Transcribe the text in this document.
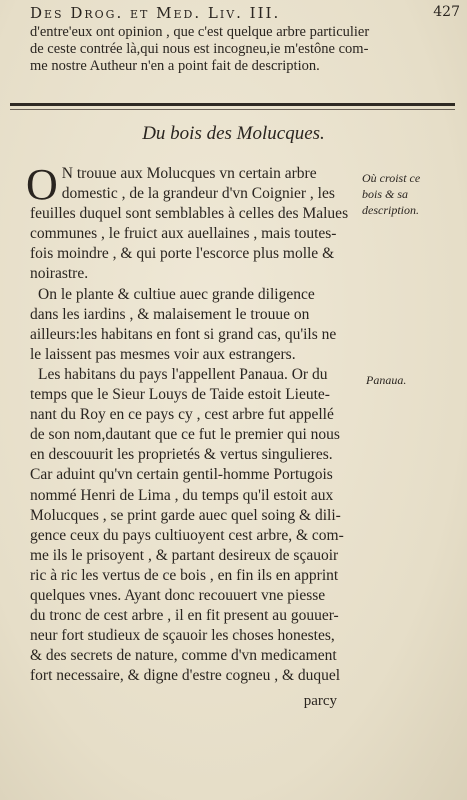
Des Drog. et Med. Liv. III.	427
d'entre'eux ont opinion , que c'est quelque arbre particulier
de ceste contrée là,qui nous est incogneu,ie m'estône com-
me nostre Autheur n'en a point fait de description.
Du bois des Molucques.
O N trouue aux Molucques vn certain arbre
domestic , de la grandeur d'vn Coignier , les
feuilles duquel sont semblables à celles des Malues
communes , le fruict aux auellaines , mais toutes-
fois moindre , & qui porte l'escorce plus molle &
noirastre.
On le plante & cultiue auec grande diligence
dans les iardins , & malaisement le trouue on
ailleurs:les habitans en font si grand cas, qu'ils ne
le laissent pas mesmes voir aux estrangers.
Les habitans du pays l'appellent Panaua. Or du
temps que le Sieur Louys de Taide estoit Lieute-
nant du Roy en ce pays cy , cest arbre fut appellé
de son nom,dautant que ce fut le premier qui nous
en descouurit les proprietés & vertus singulieres.
Car aduint qu'vn certain gentil-homme Portugois
nommé Henri de Lima , du temps qu'il estoit aux
Molucques , se print garde auec quel soing & dili-
gence ceux du pays cultiuoyent cest arbre, & com-
me ils le prisoyent , & partant desireux de sçauoir
ric à ric les vertus de ce bois , en fin ils en apprint
quelques vnes. Ayant donc recouuert vne piesse
du tronc de cest arbre , il en fit present au gouuer-
neur fort studieux de sçauoir les choses honestes,
& des secrets de nature, comme d'vn medicament
fort necessaire, & digne d'estre cogneu , & duquel
parcy
Où croist ce
bois & sa
description.
Panaua.
